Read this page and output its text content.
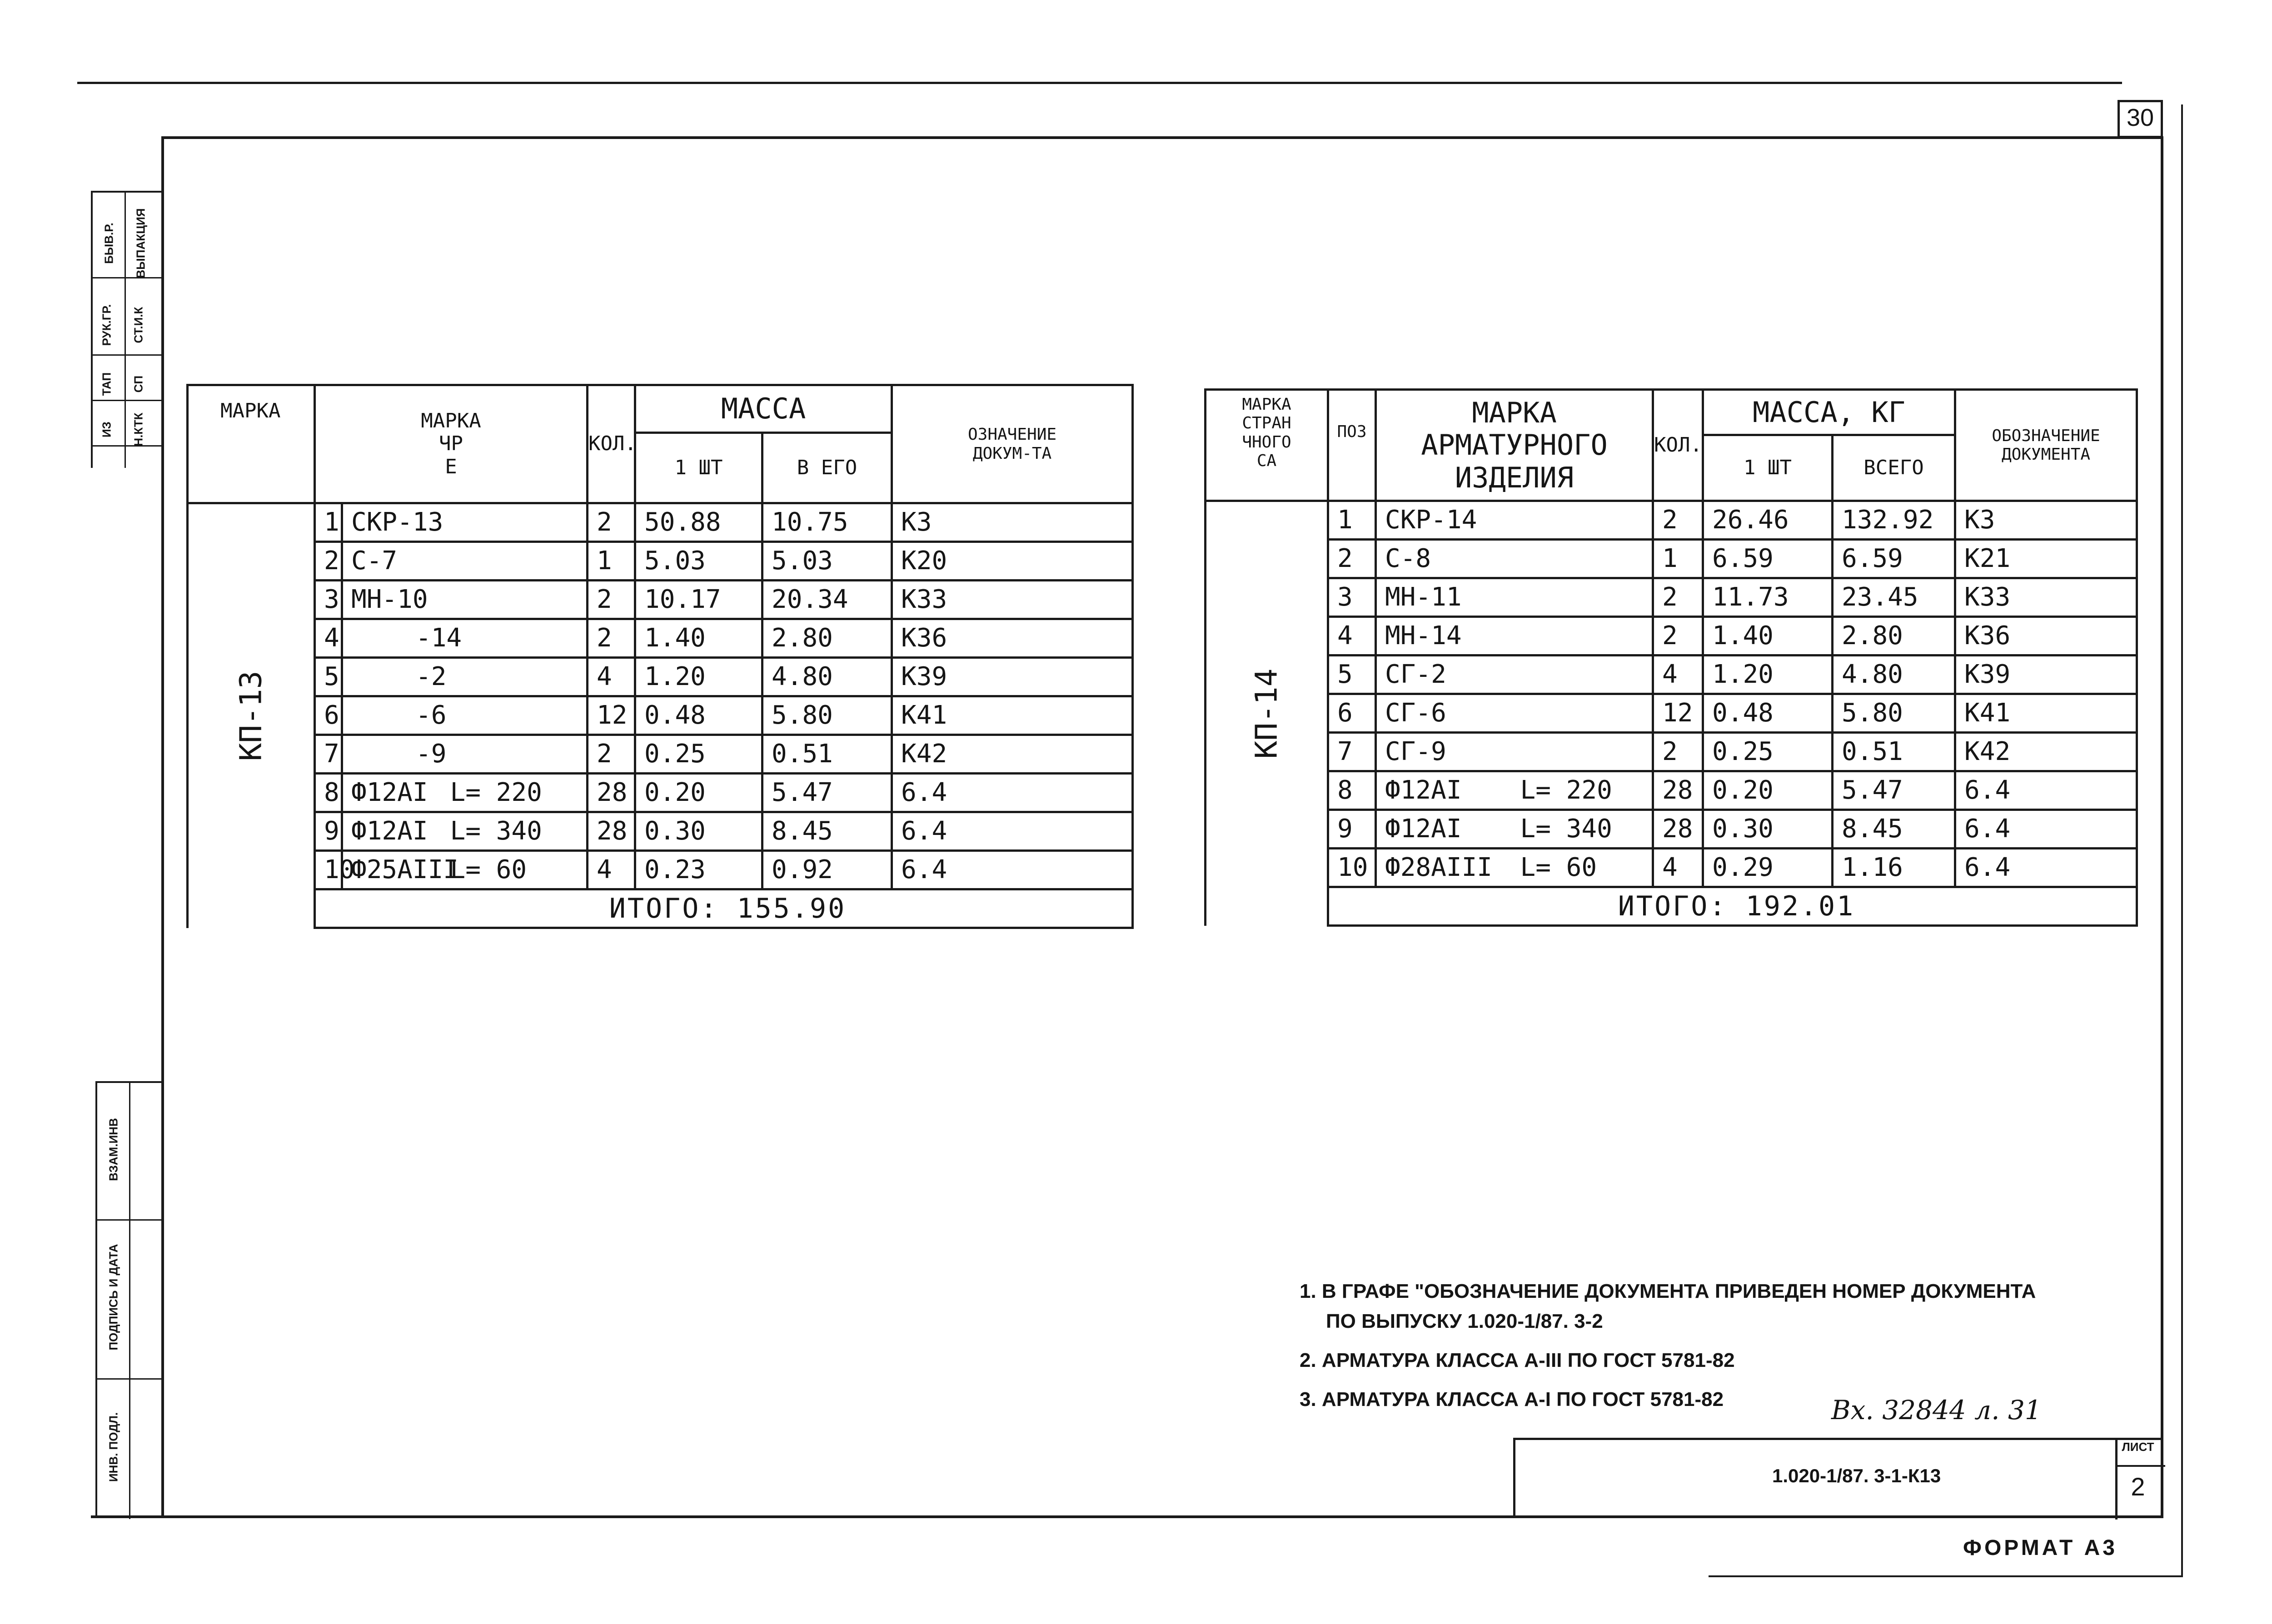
30
БЫВ.Р. ВЫПАКЦИЯ
РУК.ГР. СТ.И.К
ТАП СП
ИЗ Н.КТК
ВЗАМ.ИНВ
ПОДПИСЬ И ДАТА
ИНВ. ПОДЛ.
МАРКА	МАРКА
ЧР
Е			КОЛ.	МАССА		ОЗНАЧЕНИЕ
ДОКУМ-ТА
					1 ШТ	В ЕГО	
КП-13	1	СКР-13		2	50.88	10.75	К3
	2	С-7		1	5.03	5.03	К20
	3	МН-10		2	10.17	20.34	К33
	4	-14		2	1.40	2.80	К36
	5	-2		4	1.20	4.80	К39
	6	-6		12	0.48	5.80	К41
	7	-9		2	0.25	0.51	К42
	8	Ф12АI	L= 220	28	0.20	5.47	6.4
	9	Ф12АI	L= 340	28	0.30	8.45	6.4
	10	Ф25АIII	L= 60	4	0.23	0.92	6.4
	ИТОГО: 155.90						
МАРКА
СТРАН
ЧНОГО
СА	ПОЗ	МАРКА
АРМАТУРНОГО
ИЗДЕЛИЯ		КОЛ.	МАССА, КГ		ОБОЗНАЧЕНИЕ
ДОКУМЕНТА
					1 ШТ	ВСЕГО	
КП-14	1	СКР-14		2	26.46	132.92	К3
	2	С-8		1	6.59	6.59	К21
	3	МН-11		2	11.73	23.45	К33
	4	МН-14		2	1.40	2.80	К36
	5	СГ-2		4	1.20	4.80	К39
	6	СГ-6		12	0.48	5.80	К41
	7	СГ-9		2	0.25	0.51	К42
	8	Ф12АI	L= 220	28	0.20	5.47	6.4
	9	Ф12АI	L= 340	28	0.30	8.45	6.4
	10	Ф28АIII	L= 60	4	0.29	1.16	6.4
	ИТОГО: 192.01						
1. В ГРАФЕ "ОБОЗНАЧЕНИЕ ДОКУМЕНТА ПРИВЕДЕН НОМЕР ДОКУМЕНТА
ПО ВЫПУСКУ 1.020-1/87. 3-2
2. АРМАТУРА КЛАССА А-III ПО ГОСТ 5781-82
3. АРМАТУРА КЛАССА А-I ПО ГОСТ 5781-82	Вх. 32844 л. 31
1.020-1/87. 3-1-К13
ЛИСТ
2
ФОРМАТ А3
